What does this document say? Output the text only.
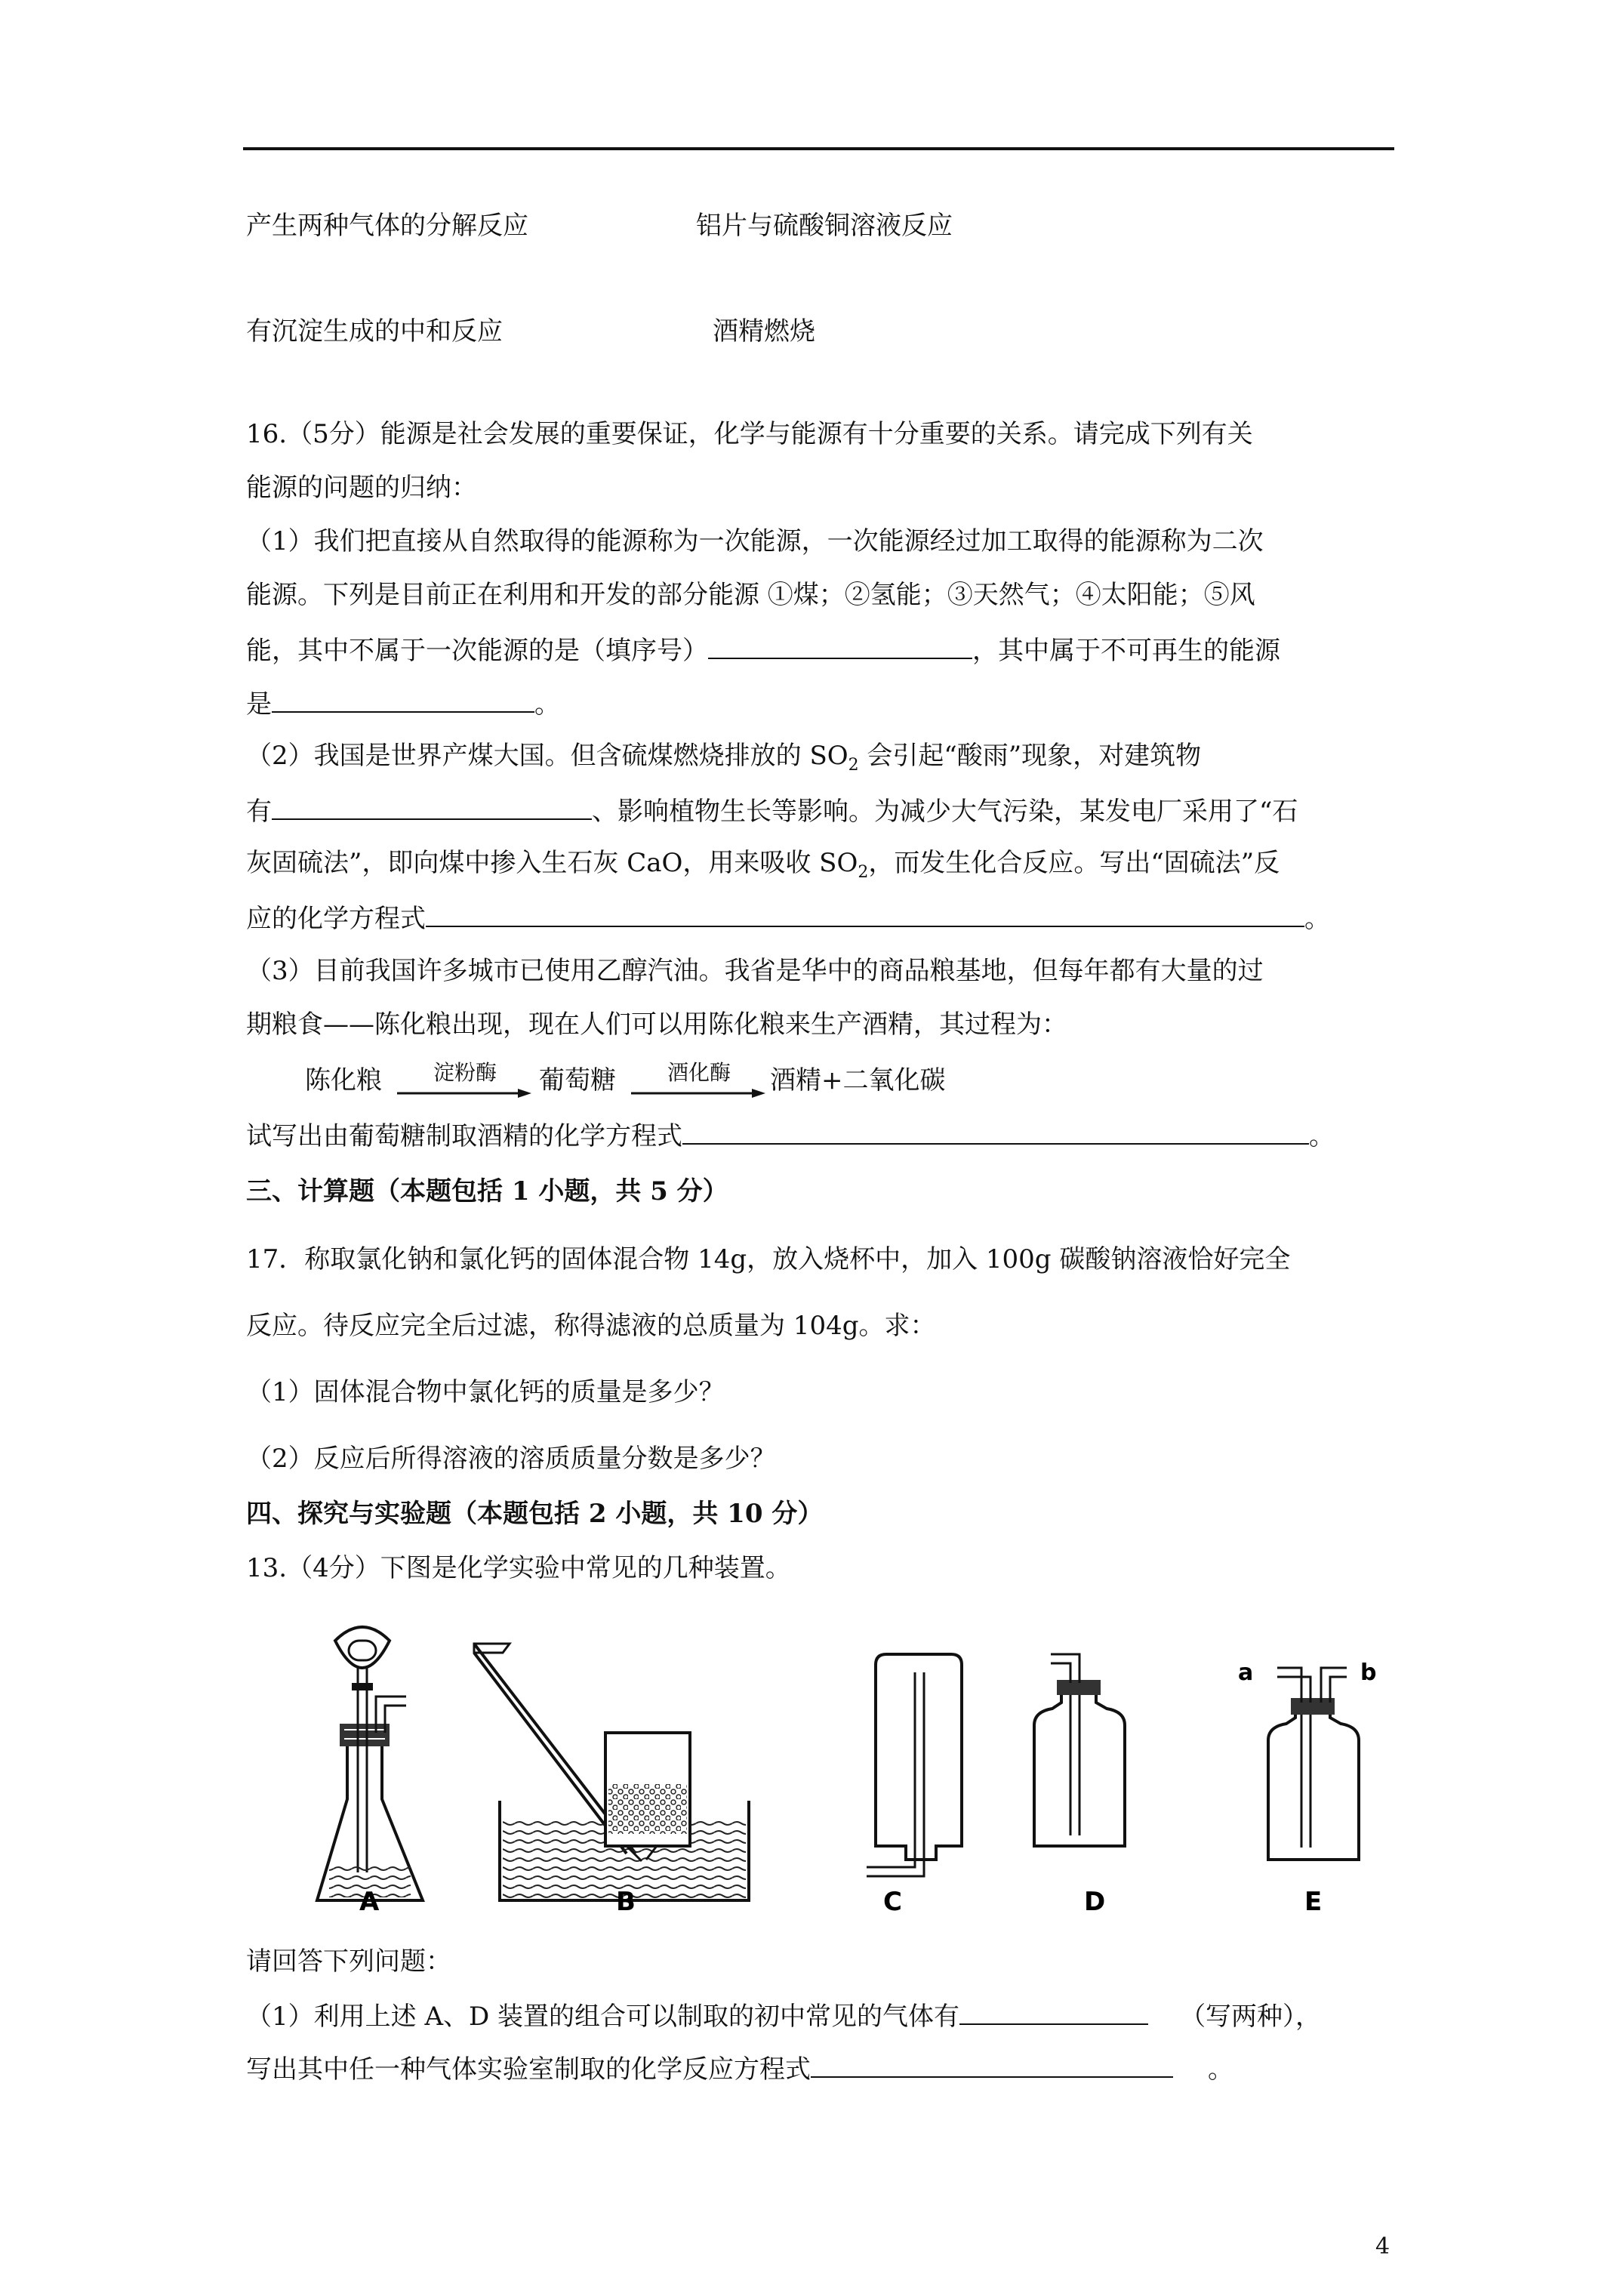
产生两种气体的分解反应	铝片与硫酸铜溶液反应
有沉淀生成的中和反应	酒精燃烧
16.（5分）能源是社会发展的重要保证，化学与能源有十分重要的关系。请完成下列有关
能源的问题的归纳：
（1）我们把直接从自然取得的能源称为一次能源，一次能源经过加工取得的能源称为二次
能源。下列是目前正在利用和开发的部分能源 ①煤；②氢能；③天然气；④太阳能；⑤风
能，其中不属于一次能源的是（填序号）	，其中属于不可再生的能源
是	。
（2）我国是世界产煤大国。但含硫煤燃烧排放的 $SO_2$ 会引起“酸雨”现象，对建筑物
有	、影响植物生长等影响。为减少大气污染，某发电厂采用了“石
灰固硫法”，即向煤中掺入生石灰 CaO，用来吸收 $SO_2$，而发生化合反应。写出“固硫法”反
应的化学方程式	。
（3）目前我国许多城市已使用乙醇汽油。我省是华中的商品粮基地，但每年都有大量的过
期粮食——陈化粮出现，现在人们可以用陈化粮来生产酒精，其过程为：
陈化粮	淀粉酶	葡萄糖	酒化酶	酒精+二氧化碳
试写出由葡萄糖制取酒精的化学方程式	。
三、计算题（本题包括 1 小题，共 5 分）
17．称取氯化钠和氯化钙的固体混合物 14g，放入烧杯中，加入 100g 碳酸钠溶液恰好完全
反应。待反应完全后过滤，称得滤液的总质量为 104g。求：
（1）固体混合物中氯化钙的质量是多少？
（2）反应后所得溶液的溶质质量分数是多少？
四、探究与实验题（本题包括 2 小题，共 10 分）
13.（4分）下图是化学实验中常见的几种装置。
a	b
A	B	C	D	E
请回答下列问题：
（1）利用上述 A、D 装置的组合可以制取的初中常见的气体有	（写两种），
写出其中任一种气体实验室制取的化学反应方程式	。
4
